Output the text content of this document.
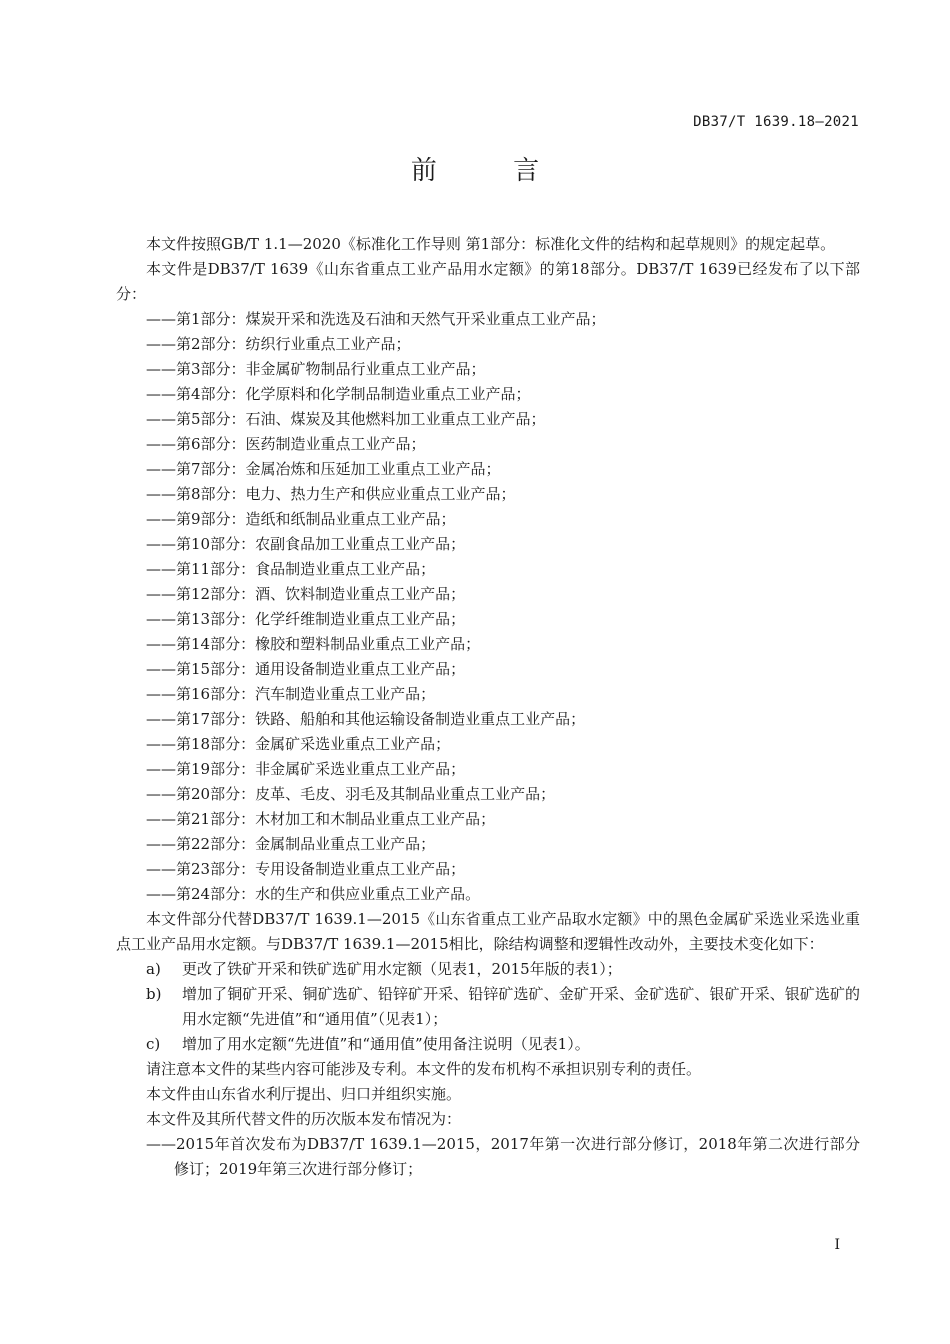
DB37/T 1639.18—2021
前 言

本文件按照GB/T 1.1—2020《标准化工作导则 第1部分：标准化文件的结构和起草规则》的规定起草。

本文件是DB37/T 1639《山东省重点工业产品用水定额》的第18部分。DB37/T 1639已经发布了以下部分：

——第1部分：煤炭开采和洗选及石油和天然气开采业重点工业产品；

——第2部分：纺织行业重点工业产品；

——第3部分：非金属矿物制品行业重点工业产品；

——第4部分：化学原料和化学制品制造业重点工业产品；

——第5部分：石油、煤炭及其他燃料加工业重点工业产品；

——第6部分：医药制造业重点工业产品；

——第7部分：金属冶炼和压延加工业重点工业产品；

——第8部分：电力、热力生产和供应业重点工业产品；

——第9部分：造纸和纸制品业重点工业产品；

——第10部分：农副食品加工业重点工业产品；

——第11部分：食品制造业重点工业产品；

——第12部分：酒、饮料制造业重点工业产品；

——第13部分：化学纤维制造业重点工业产品；

——第14部分：橡胶和塑料制品业重点工业产品；

——第15部分：通用设备制造业重点工业产品；

——第16部分：汽车制造业重点工业产品；

——第17部分：铁路、船舶和其他运输设备制造业重点工业产品；

——第18部分：金属矿采选业重点工业产品；

——第19部分：非金属矿采选业重点工业产品；

——第20部分：皮革、毛皮、羽毛及其制品业重点工业产品；

——第21部分：木材加工和木制品业重点工业产品；

——第22部分：金属制品业重点工业产品；

——第23部分：专用设备制造业重点工业产品；

——第24部分：水的生产和供应业重点工业产品。

本文件部分代替DB37/T 1639.1—2015《山东省重点工业产品取水定额》中的黑色金属矿采选业采选业重点工业产品用水定额。与DB37/T 1639.1—2015相比，除结构调整和逻辑性改动外，主要技术变化如下：

a)	更改了铁矿开采和铁矿选矿用水定额（见表1，2015年版的表1）；
b)	增加了铜矿开采、铜矿选矿、铅锌矿开采、铅锌矿选矿、金矿开采、金矿选矿、银矿开采、银矿选矿的用水定额“先进值”和“通用值”（见表1）；
c)	增加了用水定额“先进值”和“通用值”使用备注说明（见表1）。

请注意本文件的某些内容可能涉及专利。本文件的发布机构不承担识别专利的责任。

本文件由山东省水利厅提出、归口并组织实施。

本文件及其所代替文件的历次版本发布情况为：

——2015年首次发布为DB37/T 1639.1—2015，2017年第一次进行部分修订，2018年第二次进行部分修订；2019年第三次进行部分修订；

I
